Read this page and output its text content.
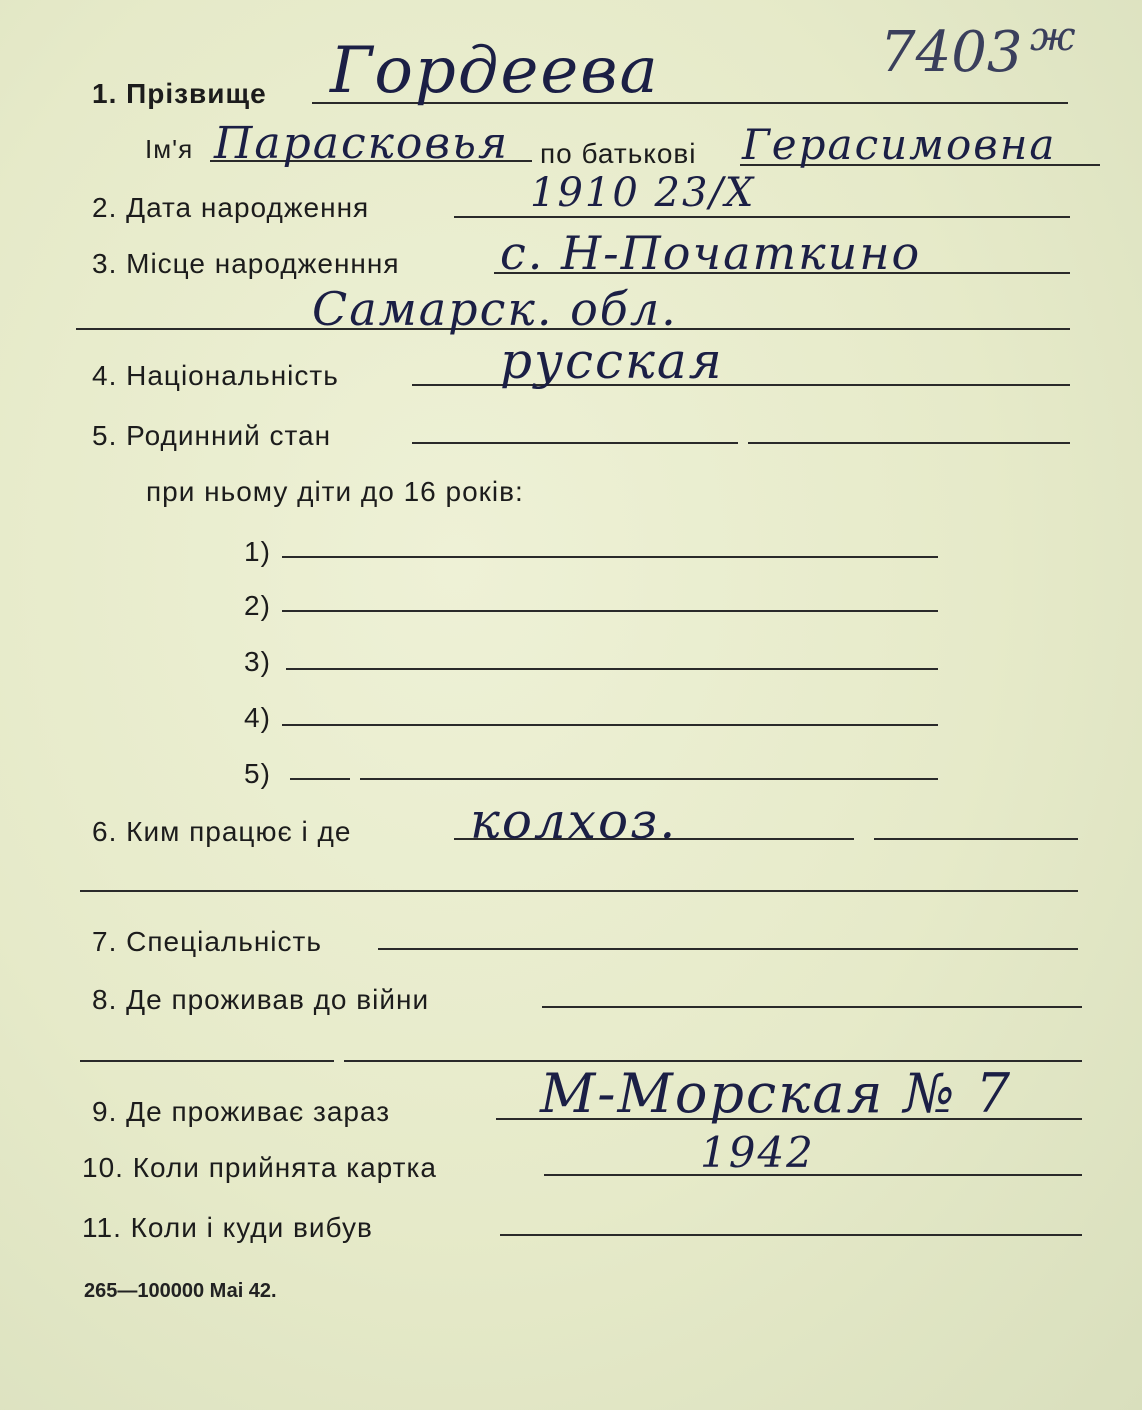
7403 ж
1. Прізвище Гордеева
Ім'я Парасковья по батькові Герасимовна
2. Дата народження	1910 23/X
3. Місце народженння с. Н-Початкино
Самарск. обл.
4. Національність	русская
5. Родинний стан
при ньому діти до 16 років:
1)
2)
3)
4)
5)
6. Ким працює і де колхоз.
7. Спеціальність
8. Де проживав до війни
9. Де проживає зараз	М-Морская № 7
10. Коли прийнята картка	1942
11. Коли і куди вибув
265—100000 Маі 42.
